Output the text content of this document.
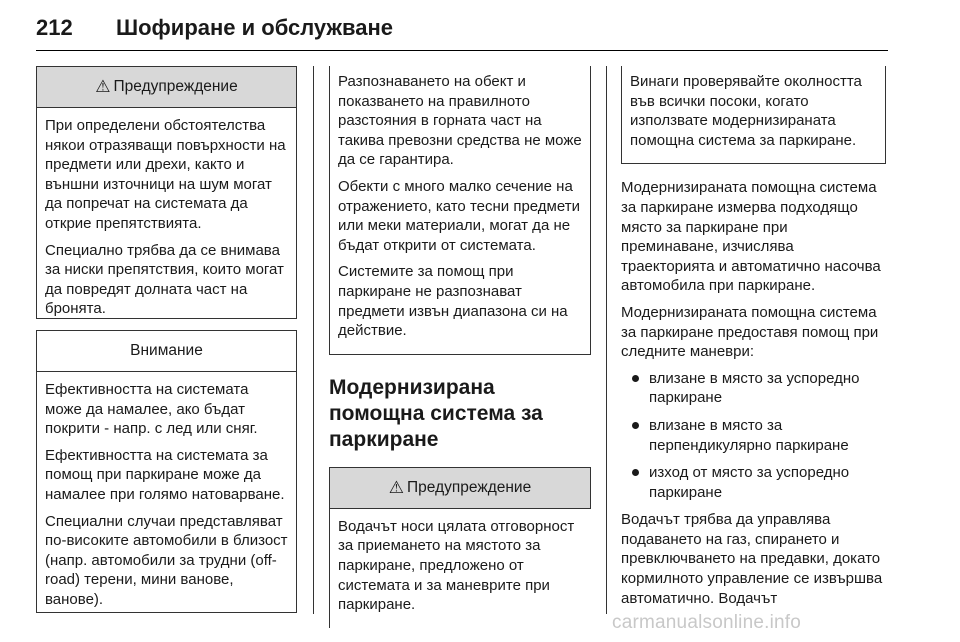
212 Шофиране и обслужване
⚠ Предупреждение

При определени обстоятелства някои отразяващи повърхности на предмети или дрехи, както и външни източници на шум могат да попречат на системата да открие препятствията.

Специално трябва да се внимава за ниски препятствия, които могат да повредят долната част на бронята.

Внимание

Ефективността на системата може да намалее, ако бъдат покрити - напр. с лед или сняг.

Ефективността на системата за помощ при паркиране може да намалее при голямо натоварване.

Специални случаи представляват по-високите автомобили в близост (напр. автомобили за трудни (off-road) терени, мини ванове, ванове).

Разпознаването на обект и показването на правилното разстояния в горната част на такива превозни средства не може да се гарантира.

Обекти с много малко сечение на отражението, като тесни предмети или меки материали, могат да не бъдат открити от системата.

Системите за помощ при паркиране не разпознават предмети извън диапазона си на действие.

Модернизирана помощна система за паркиране
⚠ Предупреждение

Водачът носи цялата отговорност за приемането на мястото за паркиране, предложено от системата и за маневрите при паркиране.

Винаги проверявайте околността във всички посоки, когато използвате модернизираната помощна система за паркиране.

Модернизираната помощна система за паркиране измерва подходящо място за паркиране при преминаване, изчислява траекторията и автоматично насочва автомобила при паркиране.

Модернизираната помощна система за паркиране предоставя помощ при следните маневри:

влизане в място за успоредно паркиране
влизане в място за перпендикулярно паркиране
изход от място за успоредно паркиране

Водачът трябва да управлява подаването на газ, спирането и превключването на предавки, докато кормилното управление се извършва автоматично. Водачът

carmanualsonline.info
